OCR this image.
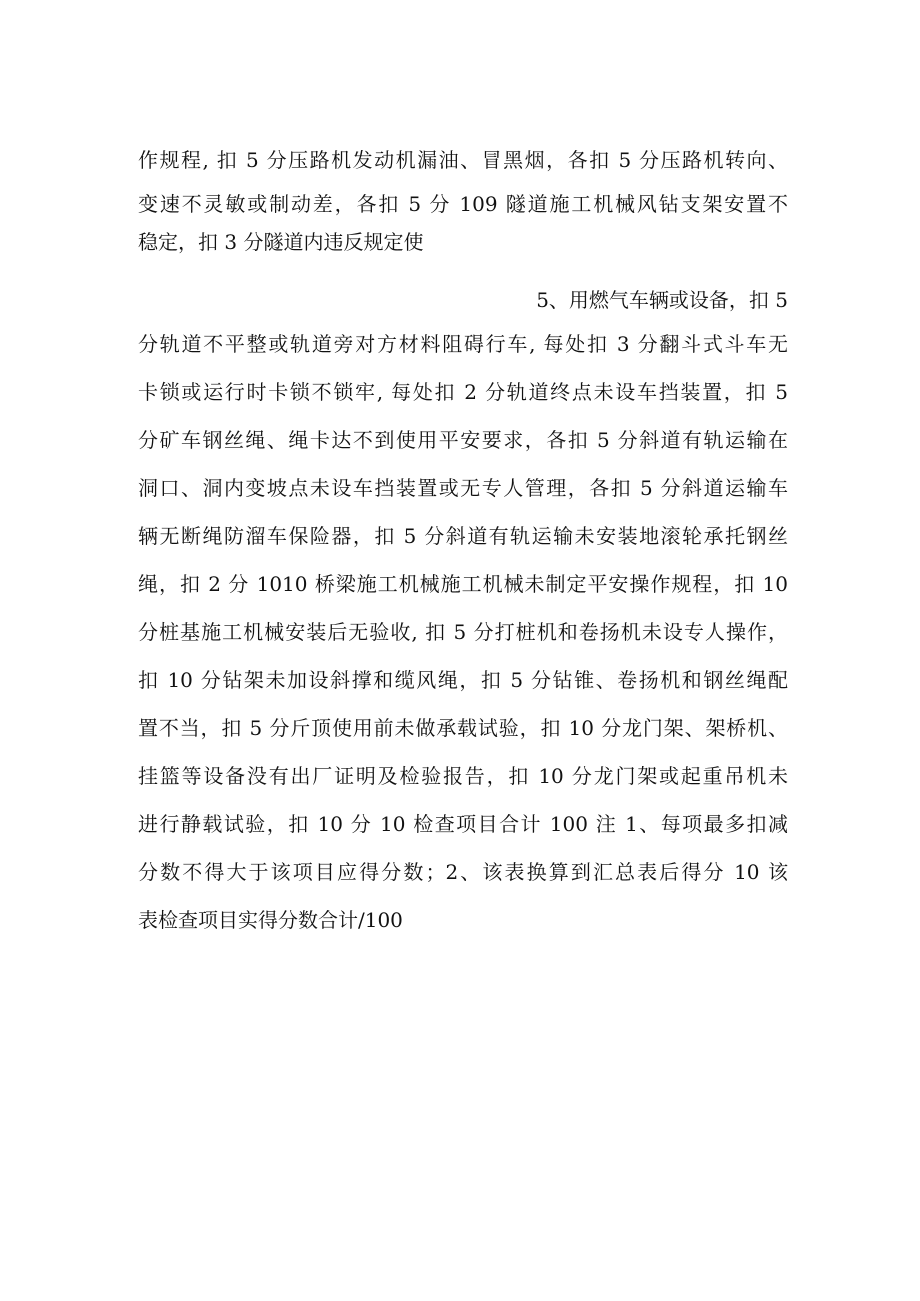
作规程, 扣 5 分压路机发动机漏油、冒黑烟，各扣 5 分压路机转向、
变速不灵敏或制动差，各扣 5 分 109 隧道施工机械风钻支架安置不
稳定，扣 3 分隧道内违反规定使
5、用燃气车辆或设备，扣 5
分轨道不平整或轨道旁对方材料阻碍行车, 每处扣 3 分翻斗式斗车无
卡锁或运行时卡锁不锁牢, 每处扣 2 分轨道终点未设车挡装置，扣 5
分矿车钢丝绳、绳卡达不到使用平安要求，各扣 5 分斜道有轨运输在
洞口、洞内变坡点未设车挡装置或无专人管理，各扣 5 分斜道运输车
辆无断绳防溜车保险器，扣 5 分斜道有轨运输未安装地滚轮承托钢丝
绳，扣 2 分 1010 桥梁施工机械施工机械未制定平安操作规程，扣 10
分桩基施工机械安装后无验收, 扣 5 分打桩机和卷扬机未设专人操作，
扣 10 分钻架未加设斜撑和缆风绳，扣 5 分钻锥、卷扬机和钢丝绳配
置不当，扣 5 分斤顶使用前未做承载试验，扣 10 分龙门架、架桥机、
挂篮等设备没有出厂证明及检验报告，扣 10 分龙门架或起重吊机未
进行静载试验，扣 10 分 10 检查项目合计 100 注 1、每项最多扣减
分数不得大于该项目应得分数；2、该表换算到汇总表后得分 10 该
表检查项目实得分数合计/100
